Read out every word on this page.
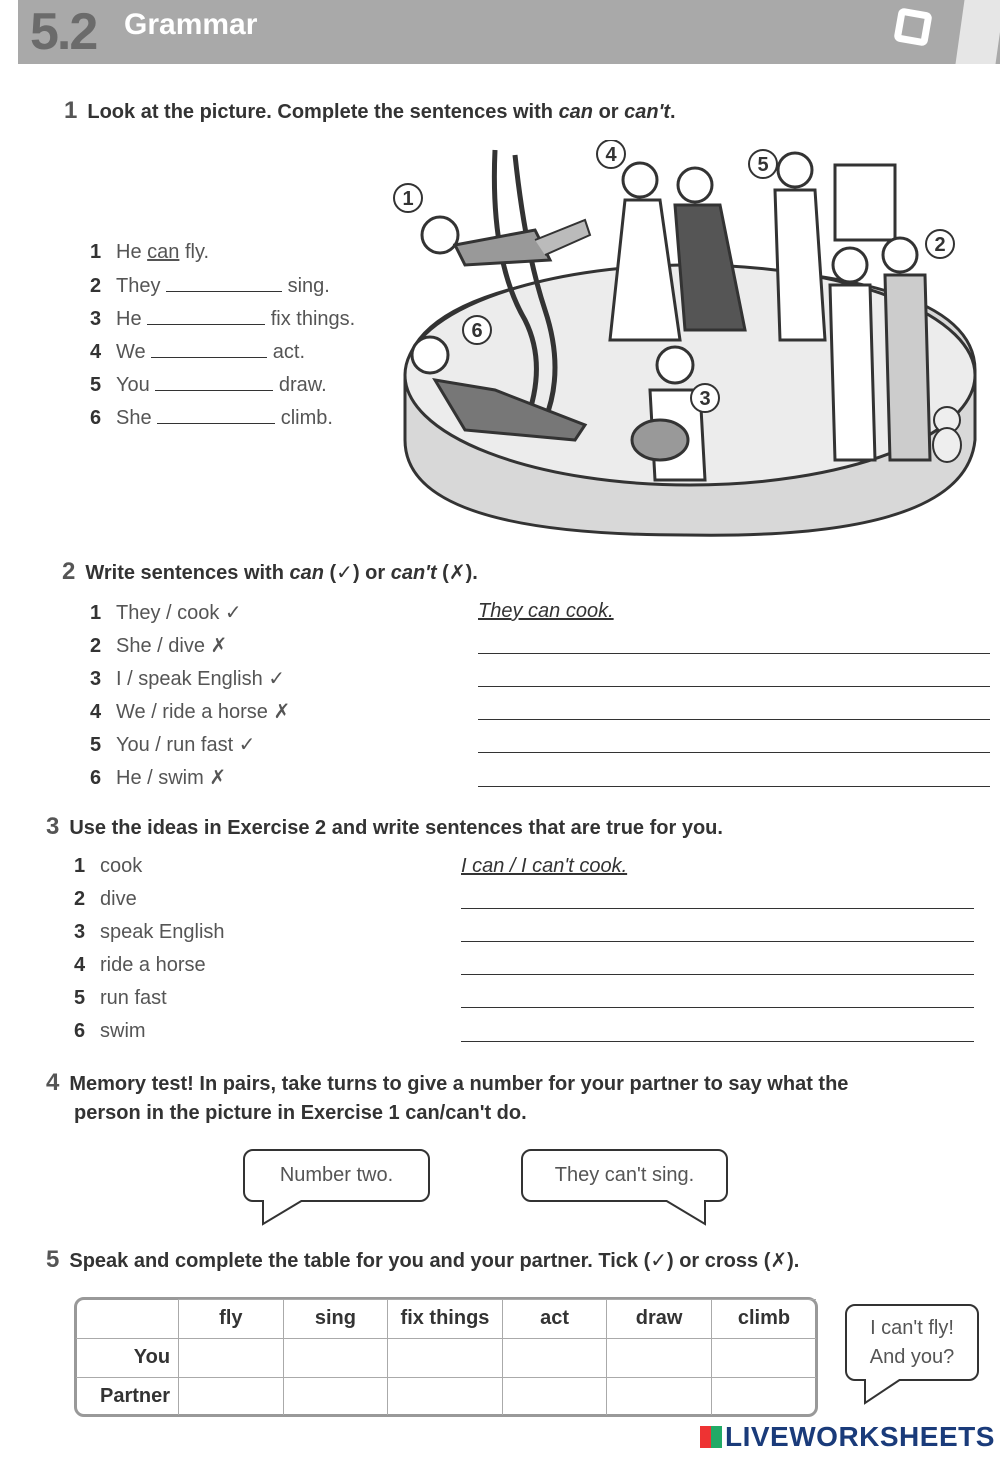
5.2 Grammar
1 Look at the picture. Complete the sentences with can or can't.
1 He can fly.
2 They	sing.
3 He	fix things.
4 We	act.
5 You	draw.
6 She	climb.
1
2
3
4	5
6
2 Write sentences with can (✓) or can't (✗).
1 They / cook ✓	They can cook.
2 She / dive ✗
3 I / speak English ✓
4 We / ride a horse ✗
5 You / run fast ✓
6 He / swim ✗
3 Use the ideas in Exercise 2 and write sentences that are true for you.
1 cook	I can / I can't cook.
2 dive
3 speak English
4 ride a horse
5 run fast
6 swim
4 Memory test! In pairs, take turns to give a number for your partner to say what the
person in the picture in Exercise 1 can/can't do.
Number two.	They can't sing.
5 Speak and complete the table for you and your partner. Tick (✓) or cross (✗).
	fly	sing	fix things	act	draw	climb
You						
Partner						
I can't fly!
And you?
LIVEWORKSHEETS
